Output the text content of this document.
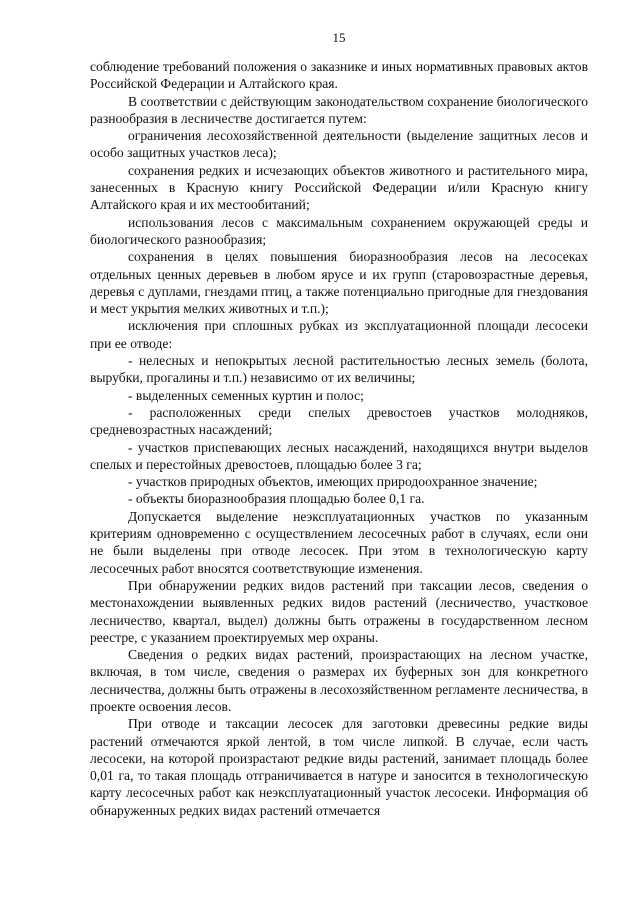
15

соблюдение требований положения о заказнике и иных нормативных правовых актов Российской Федерации и Алтайского края.

В соответствии с действующим законодательством сохранение биологического разнообразия в лесничестве достигается путем:

ограничения лесохозяйственной деятельности (выделение защитных лесов и особо защитных участков леса);

сохранения редких и исчезающих объектов животного и растительного мира, занесенных в Красную книгу Российской Федерации и/или Красную книгу Алтайского края и их местообитаний;

использования лесов с максимальным сохранением окружающей среды и биологического разнообразия;

сохранения в целях повышения биоразнообразия лесов на лесосеках отдельных ценных деревьев в любом ярусе и их групп (старовозрастные деревья, деревья с дуплами, гнездами птиц, а также потенциально пригодные для гнездования и мест укрытия мелких животных и т.п.);

исключения при сплошных рубках из эксплуатационной площади лесосеки при ее отводе:

- нелесных и непокрытых лесной растительностью лесных земель (болота, вырубки, прогалины и т.п.) независимо от их величины;

- выделенных семенных куртин и полос;

- расположенных среди спелых древостоев участков молодняков, средневозрастных насаждений;

- участков приспевающих лесных насаждений, находящихся внутри выделов спелых и перестойных древостоев, площадью более 3 га;

- участков природных объектов, имеющих природоохранное значение;

- объекты биоразнообразия площадью более 0,1 га.

Допускается выделение неэксплуатационных участков по указанным критериям одновременно с осуществлением лесосечных работ в случаях, если они не были выделены при отводе лесосек. При этом в технологическую карту лесосечных работ вносятся соответствующие изменения.

При обнаружении редких видов растений при таксации лесов, сведения о местонахождении выявленных редких видов растений (лесничество, участковое лесничество, квартал, выдел) должны быть отражены в государственном лесном реестре, с указанием проектируемых мер охраны.

Сведения о редких видах растений, произрастающих на лесном участке, включая, в том числе, сведения о размерах их буферных зон для конкретного лесничества, должны быть отражены в лесохозяйственном регламенте лесничества, в проекте освоения лесов.

При отводе и таксации лесосек для заготовки древесины редкие виды растений отмечаются яркой лентой, в том числе липкой. В случае, если часть лесосеки, на которой произрастают редкие виды растений, занимает площадь более 0,01 га, то такая площадь отграничивается в натуре и заносится в технологическую карту лесосечных работ как неэксплуатационный участок лесосеки. Информация об обнаруженных редких видах растений отмечается
